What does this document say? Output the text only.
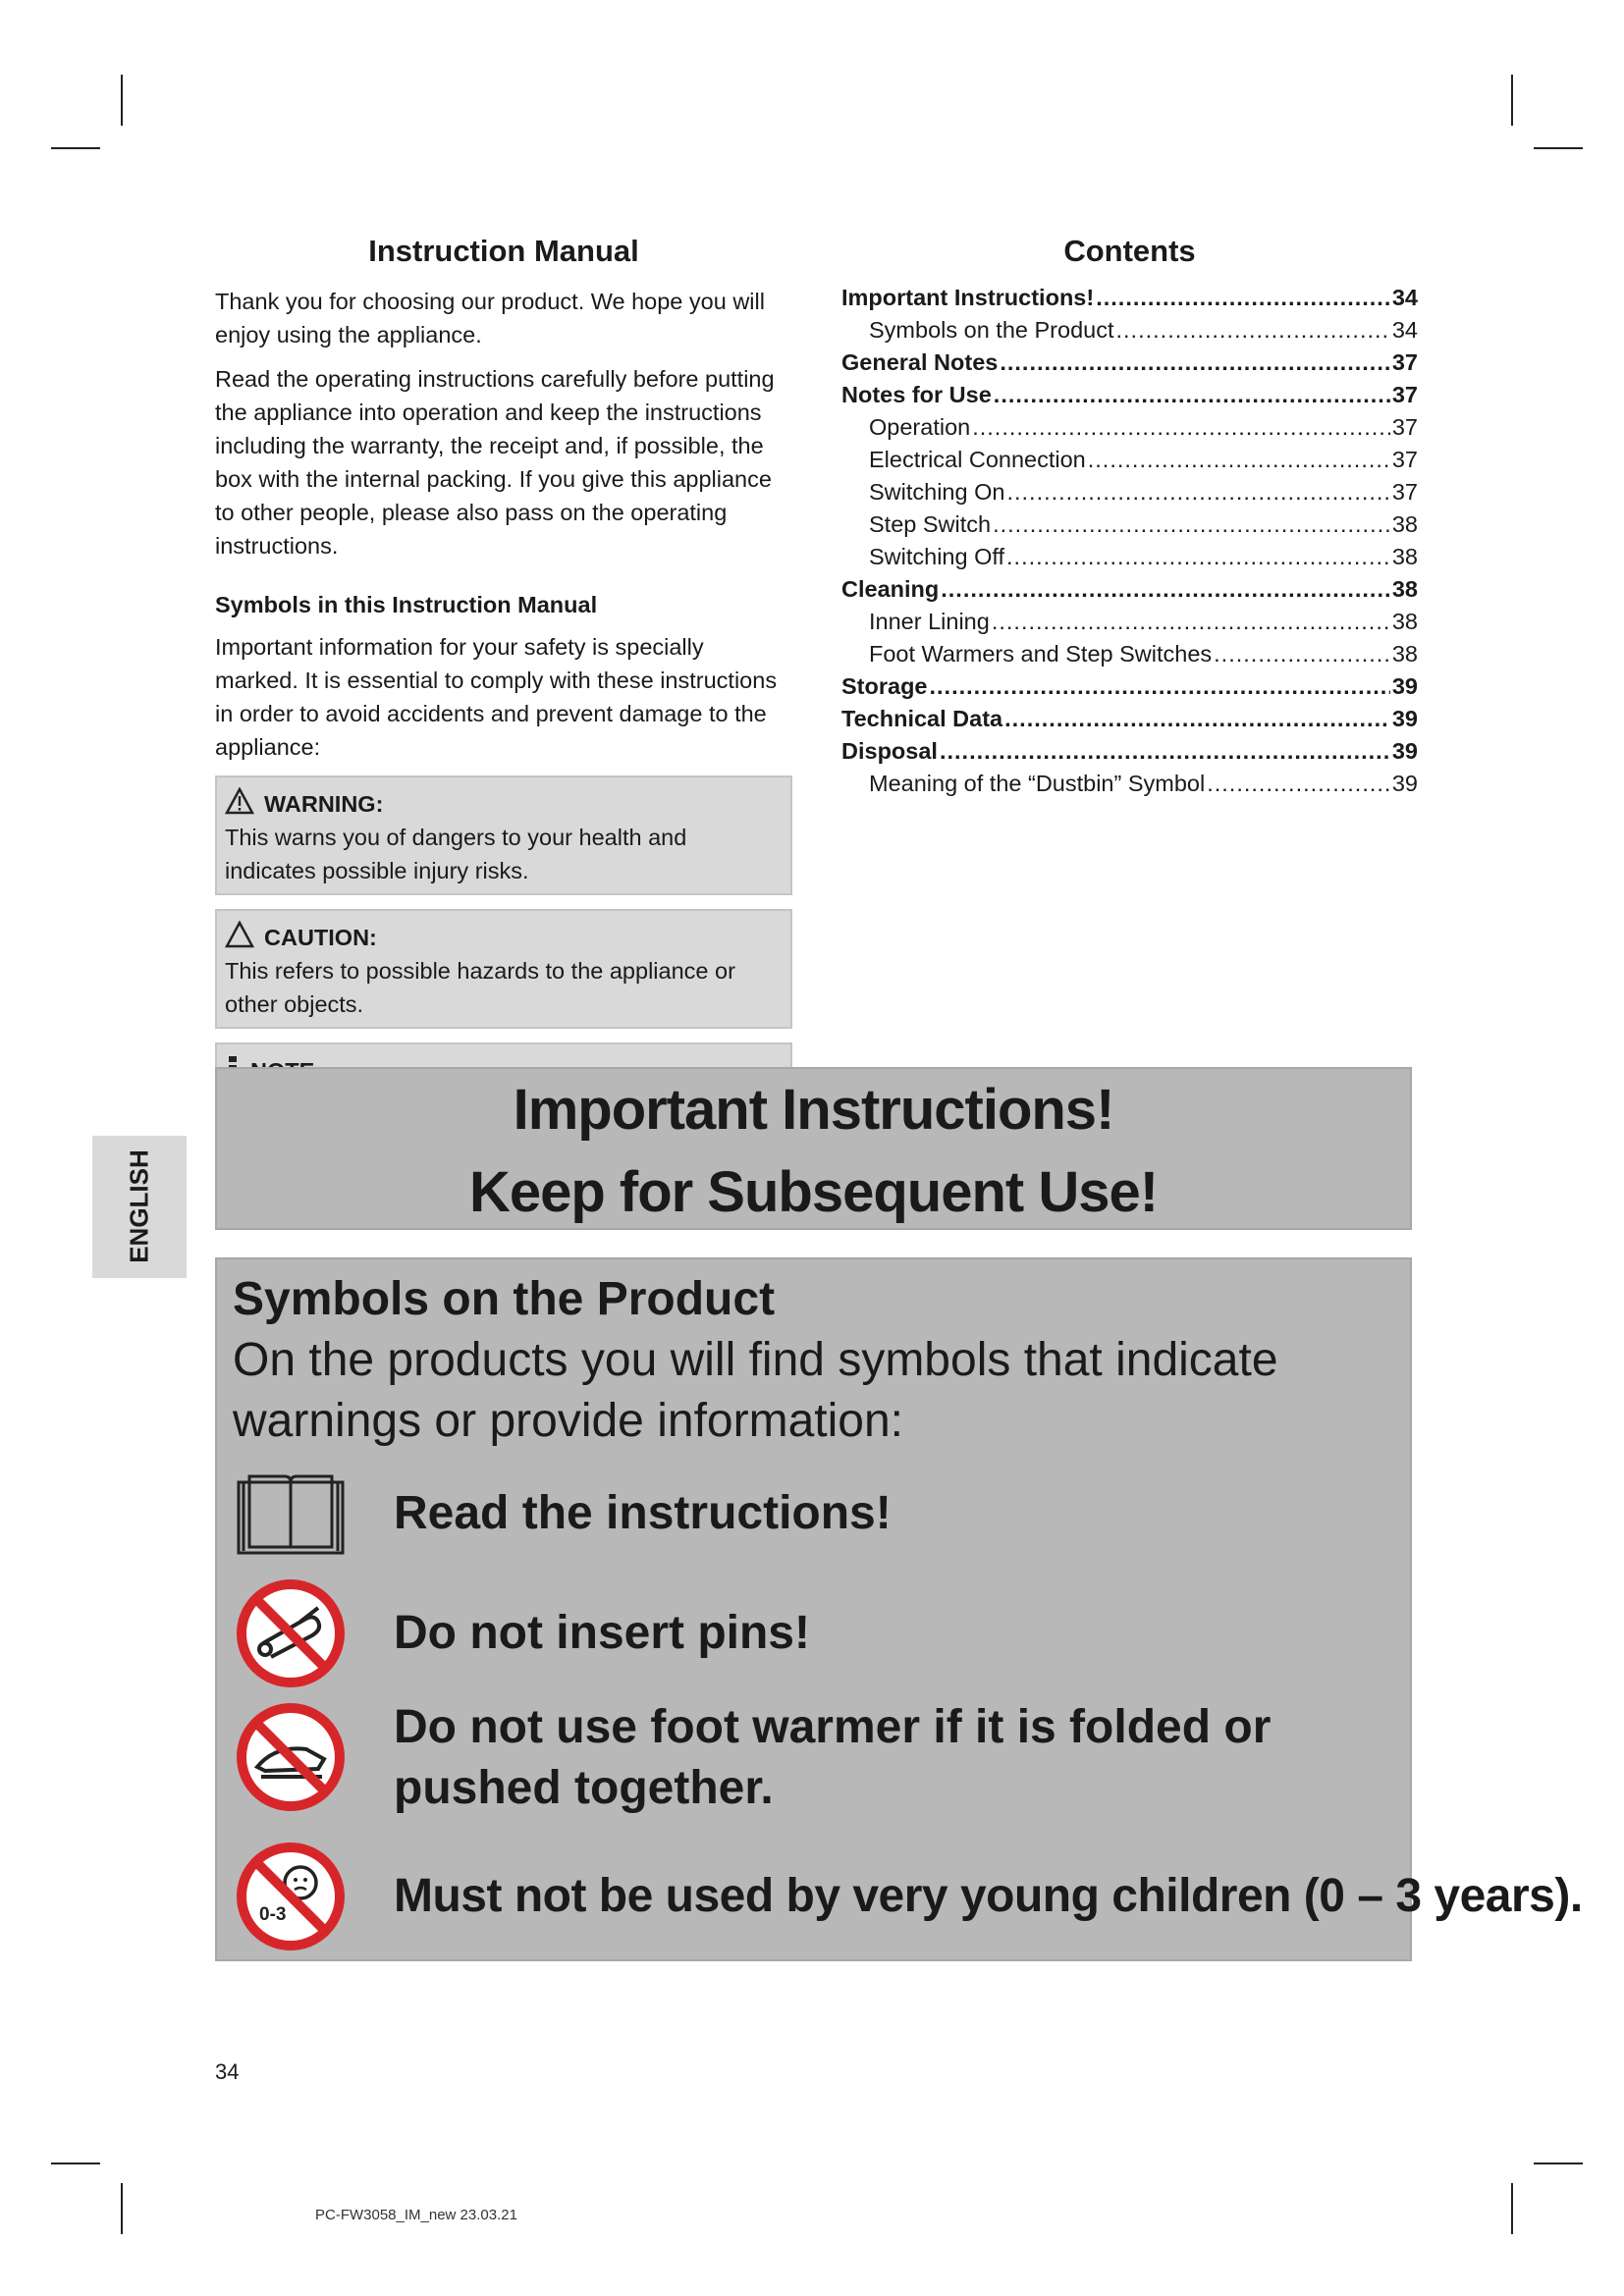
Instruction Manual

Thank you for choosing our product. We hope you will enjoy using the appliance.

Read the operating instructions carefully before putting the appliance into operation and keep the instructions including the warranty, the receipt and, if possible, the box with the internal packing. If you give this appliance to other people, please also pass on the operating instructions.

Symbols in this Instruction Manual

Important information for your safety is specially marked. It is essential to comply with these instructions in order to avoid accidents and prevent damage to the appliance:

WARNING:
This warns you of dangers to your health and indicates possible injury risks.
CAUTION:
This refers to possible hazards to the appliance or other objects.
Contents
Important Instructions! .....	34
Symbols on the Product .....	34
General Notes .....	37
Notes for Use .....	37
Operation .....	37
Electrical Connection .....	37
Switching On .....	37
Step Switch .....	38
Switching Off .....	38
Cleaning .....	38
Inner Lining .....	38
Foot Warmers and Step Switches .....	38
Storage .....	39
Technical Data .....	39
Disposal .....	39
Meaning of the “Dustbin” Symbol .....	39
ENGLISH
Important Instructions!
Keep for Subsequent Use!
Symbols on the Product
On the products you will find symbols that indicate warnings or provide information:
Read the instructions!
Do not insert pins!
Do not use foot warmer if it is folded or pushed together.
0-3 Must not be used by very young children (0 – 3 years).
34
PC-FW3058_IM_new 23.03.21
